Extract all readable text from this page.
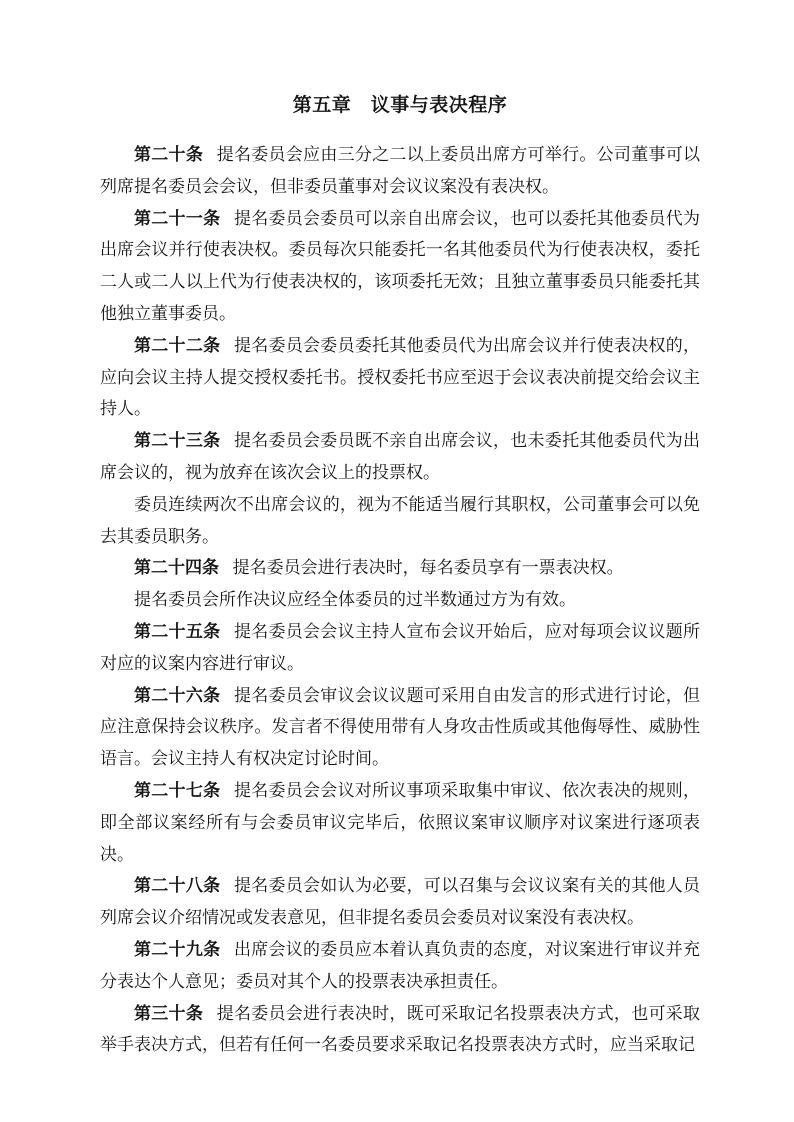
第五章　议事与表决程序

第二十条 提名委员会应由三分之二以上委员出席方可举行。公司董事可以列席提名委员会会议，但非委员董事对会议议案没有表决权。

第二十一条 提名委员会委员可以亲自出席会议，也可以委托其他委员代为出席会议并行使表决权。委员每次只能委托一名其他委员代为行使表决权，委托二人或二人以上代为行使表决权的，该项委托无效；且独立董事委员只能委托其他独立董事委员。

第二十二条 提名委员会委员委托其他委员代为出席会议并行使表决权的，应向会议主持人提交授权委托书。授权委托书应至迟于会议表决前提交给会议主持人。

第二十三条 提名委员会委员既不亲自出席会议，也未委托其他委员代为出席会议的，视为放弃在该次会议上的投票权。

委员连续两次不出席会议的，视为不能适当履行其职权，公司董事会可以免去其委员职务。

第二十四条 提名委员会进行表决时，每名委员享有一票表决权。

提名委员会所作决议应经全体委员的过半数通过方为有效。

第二十五条 提名委员会会议主持人宣布会议开始后，应对每项会议议题所对应的议案内容进行审议。

第二十六条 提名委员会审议会议议题可采用自由发言的形式进行讨论，但应注意保持会议秩序。发言者不得使用带有人身攻击性质或其他侮辱性、威胁性语言。会议主持人有权决定讨论时间。

第二十七条 提名委员会会议对所议事项采取集中审议、依次表决的规则，即全部议案经所有与会委员审议完毕后，依照议案审议顺序对议案进行逐项表决。

第二十八条 提名委员会如认为必要，可以召集与会议议案有关的其他人员列席会议介绍情况或发表意见，但非提名委员会委员对议案没有表决权。

第二十九条 出席会议的委员应本着认真负责的态度，对议案进行审议并充分表达个人意见；委员对其个人的投票表决承担责任。

第三十条 提名委员会进行表决时，既可采取记名投票表决方式，也可采取举手表决方式，但若有任何一名委员要求采取记名投票表决方式时，应当采取记
